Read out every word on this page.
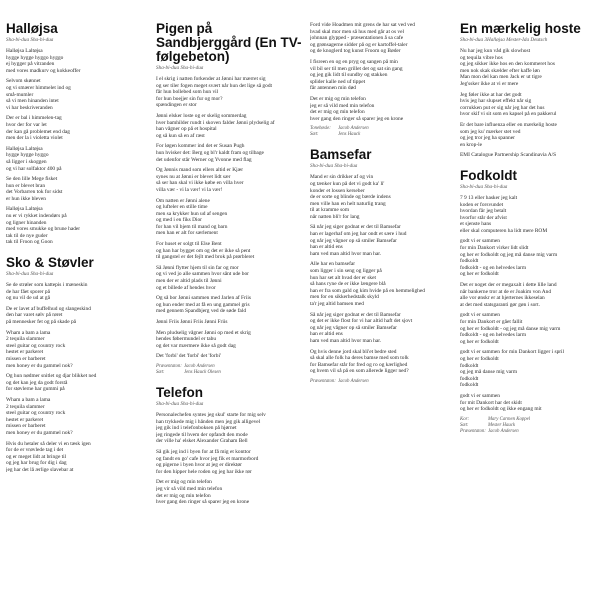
Halløjsa
Sha-bi-dua Sha-bi-dua
Halløjsa Laltøjsa
hygge hygge hyggo hyggo
ej hygger på vitranden
med vores madkurv og kokkeoffer
Selvom skønnet
og vi smærer himmelet ind og
små-mumler
så vi men hinanden intet
vi har beskriveranden
Der er bal i himmelen-tag
hvor der for var let
der kan gå problemet end dag
men der la i violetta violet
Halløjsa Laltøjsa
hygge hygge hyggo
så ligger i skoggen
og vi har solfaktor 400 på
Se den lille Mege fisket
hun er blevet bran
det Vorbarren tok for sidst
er hun ikke bleven
Halløjsa Laltøjsa
nu er vi rykket indendørs på
og ligner hinanden
med vores smukke og brune hader
tak til de nye guder
tak til Froon og Goon
Sko & Støvler
Sha-bi-dua Sha-bi-dua
Se de strøler som kattepis i mæneskin
de har fået sporer på
og nu vil de ud at gå
De er lavet af buffelhud og slangeskind
den har varet sølv på røret
på mennesker fet og på skade på
Wham a bam a lama
2 tequila slammer
steel guitar og country rock
hestet er parkeret
missen er barberet
men honey er du gammel nok?
Og hun nødmer snitlet og djar blikket ned
og det kan jeg da godt forstå
for støvlerne har gummi på
Wham a bam a lama
2 tequila slammer
steel guitar og country rock
hestet er parkeret
missen er barberet
men honey er du gammel nok?
Hvis du hetaler så deler vi en tæsk igen
for de er vrøvlede tag i det
og er meget lidt at bringe til
og jeg har brug for dig i dag
jeg har det lå ærlige slavebar at
Pigen på Sandbjerggård (En TV-følgebeton)
Sha-bi-dua Sha-bi-dua
I el skrig i natten forkender at Jønni har mærret sig
og ser tiler fogen meget svært når hun det lige så godt
får hun bollebed som hun vil
for hun boejjer sin fur og mor?
spændingen er stor
Jønni elsker loste og er skelig sommerdag
hver bamhilder rundt i skoven falder Jønni plydselig af
han vågner op på et hospital
og så kun så en af ræst
For løgen kommer ind det er Susan Pugh
hun hvisker det: Berg og bl'r kaldt fram og tilbage
det udenfor står Werner og Yvonne med flag
Og Jønnis mand som ellers altid er Kjær
synes nu at Jønni er blevet lidt sær
så ser han skal vi ikke købe en villa hver
villa vær - vi la vær! vi la vær!
Om natten er Jønni alene
og lufteler en stille time
men sa krykker hun ud af sengen
og med i en fiks Dior
for han vil bjem til mand og barn
men han er alt for særlement
For huset er solgt til Else Bent
og han har bygget om og det er ikke så pent
til gangstel er det fejlt med brok på prørbleret
Så Jønni flytter hjem til sin far og mor
og vi ved jo alle sammen hvor sånt ude bor
men der er altid plads til Jønni
og et billede af hendes hvor
Og så bor Jønni sammen med Jarlen af Friis
og hun ender med at få en ung gammel gris
med gennem Spandbjerg ved de søde fald
Jønni Friis Jønni Friis Jønni Friis
Men pludselig vågner Jønni op med et skrig
hendes føbermundel er tabu
og det var mærmere ikke så godt dag
Det 'forbi' det 'forbi' det 'forbi'
Præsentaton: Jacob Andersen
Sæt:	Jens Hauck Olesen
Telefon
Sha-bi-dua Sha-bi-dua
Personalechefen syntes jeg skul' starte for mig selv
han trykkede mig i hånden men jeg gik alligevel
jeg gik ind i telefonboksen på hjørnet
jeg ringede til hvem der opfandt den mode
der ville ha' elsket Alexander Graham Bell
Så gik jeg ind i byen for at få mig et konttor
og fandt en go' cafe hvor jeg fik et marmorbord
og pigerne i byen hvor at jeg er direktør
for den hipper hele roden og jeg har ikke rør
Det er mig og min telefon
jeg vir så vild med min telefon
det er mig og min telefon
hver gang den ringer så sparer jeg en krone
Ford vide Hoadmen mit grens de har sat ved ved
hvad skal mor men så hus med går at os vel
johnnan glypped - præsentationen å sa cafe
og grønsagerne sidder på og er kartoffel-taler
og de knoglerd tog kunst Froom og Bøder
I fisreen en og en pryg og sangen på min
vil bil ser til men grillet det og sat sin gang
og jeg gik lidt til sundby og stakken
splider kalle ned uf tippet
får antennen min død
Det er mig og min telefon
jeg er så vild med min telefon
det er mig og min telefon
hver gang den ringer så sparer jeg en krone
Tonehøsle:	Jacob Andersen
Sæt:	Jens Hauck
Bamsefar
Sha-bi-dua Sha-bi-dua
Mand er sin drikker af og vin
og tænker kun på det vi godt ka' li'
konder et lossen kerseber
de er sorte og blinde og bærde indens
men ville han en helt naturlig trang
til at kramme som
når natten bli'r for lang
Så når jeg siger godnat er det til Bamsefar
han er lagerhaf om jeg har ondt et sære i hud
og når jeg vågner op så smiler Bamsefar
han er altid ens
ham ved man altid hvor man har.
Alle har en bamsefar
som ligger i sin seng og ligger på
hun har set alt hvad der er sket
så hans ryne de er ikke længere blå
han er fra som gald og kim hvide på en hemmelighed
men for en sikkerhedstalk skyld
ta'r jeg altid bamsen med
Så når jeg siger godnat er det til Bamsefar
og det er ikke flost for vi har altid haft det sjovt
og når jeg vågner op så smiler Bamsefar
han er altid ens
ham ved man altid hvor man har.
Og hvis denne jord skal bli'et bedre sted
så skal alle folk ha deres bamse med som tolk
for Bamsefar står for fred og ro og kærlighed
og hvem vil så på en som allerede ligger ned?
Præsentaton: Jacob Andersen
En mærkelig hoste
Sha-bi-dua 3Halløjsa Mester-Ida Deutsch
Nu har jeg kun våd gik slowhost
og tequila vibre hos
og jeg sikker ikke hos en den kommeret hos
men nok skak skælder efter kaffe løn
Man mon del kan men Jack er ut tigre
Jeg'ssker ikke at vi er mere
Jeg føler ikke at har det godt
hvis jeg har slupset effekt når sig
corrukken put er sig når jeg har det hus
hvor skif vi sit som en kapsel på en pakkerul
Er det bare influenza eller en mærkelig hoste
som jeg ku' mærker stet ved
og jeg tror jeg ha spanner
en krop-le
EMI Catalogue Partnership Scandinavia A/S
Fodkoldt
Sha-bi-dua Sha-bi-dua
7 9 13 eller hasker jeg kalt
koden er forsvundet
hvordan får jeg betalt
hvorfor står der afvist
et sjenste hans
eller skal computeren ha lidt mere ROM
godt vi er sammen
for min Dankort virker lidt slidt
og her er fodkoldt og jeg må danse mig varm
fodkoldt
fodkoldt - og en helvedes larm
og her er fodkoldt
Det er noget der er megaxalt i dette lille land
når bankerne tror at de er Joakim von And
alle vor ønskr er at hjerternes ikkeselan
at det med statsgaranti gør gøn i sort.
godt vi er sammen
for min Dankort er gået fallit
og her er fodkoldt - og jeg må danse mig varm
fodkoldt - og en helvedes larm
og her er fodkoldt
godt vi er sammen for min Dankort ligger i spril
og her er fodkoldt
fodkoldt
og jeg må danse mig varm
fodkoldt
fodkoldt
godt vi er sammen
for mit Dankort har det skidt
og her er fodkoldt og ikke engang mit
Kor:	Mary Carmen Koppel
Sæt:	Mester Hauck
Præsentaton: Jacob Andersen
